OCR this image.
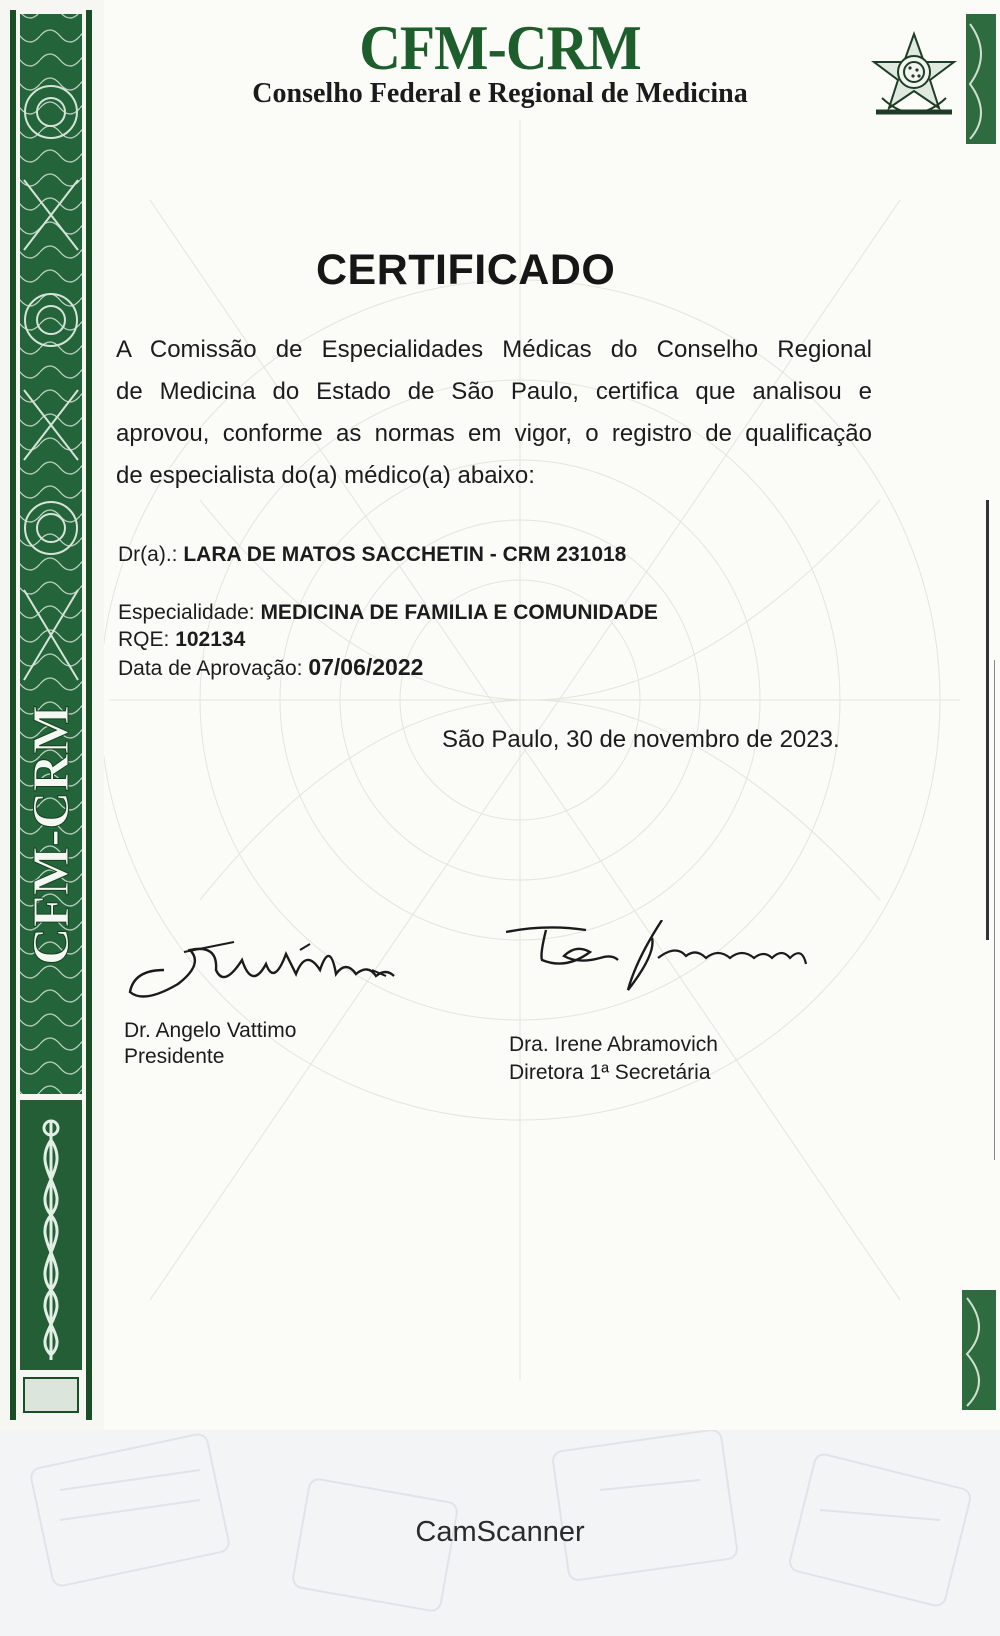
CFM-CRM
CFM-CRM
Conselho Federal e Regional de Medicina
CERTIFICADO
A Comissão de Especialidades Médicas do Conselho Regional
de Medicina do Estado de São Paulo, certifica que analisou e
aprovou, conforme as normas em vigor, o registro de qualificação
de especialista do(a) médico(a) abaixo:
Dr(a).: LARA DE MATOS SACCHETIN - CRM 231018
Especialidade: MEDICINA DE FAMILIA E COMUNIDADE
RQE: 102134
Data de Aprovação: 07/06/2022
São Paulo, 30 de novembro de 2023.
Dr. Angelo Vattimo
Presidente
Dra. Irene Abramovich
Diretora 1ª Secretária
CamScanner
